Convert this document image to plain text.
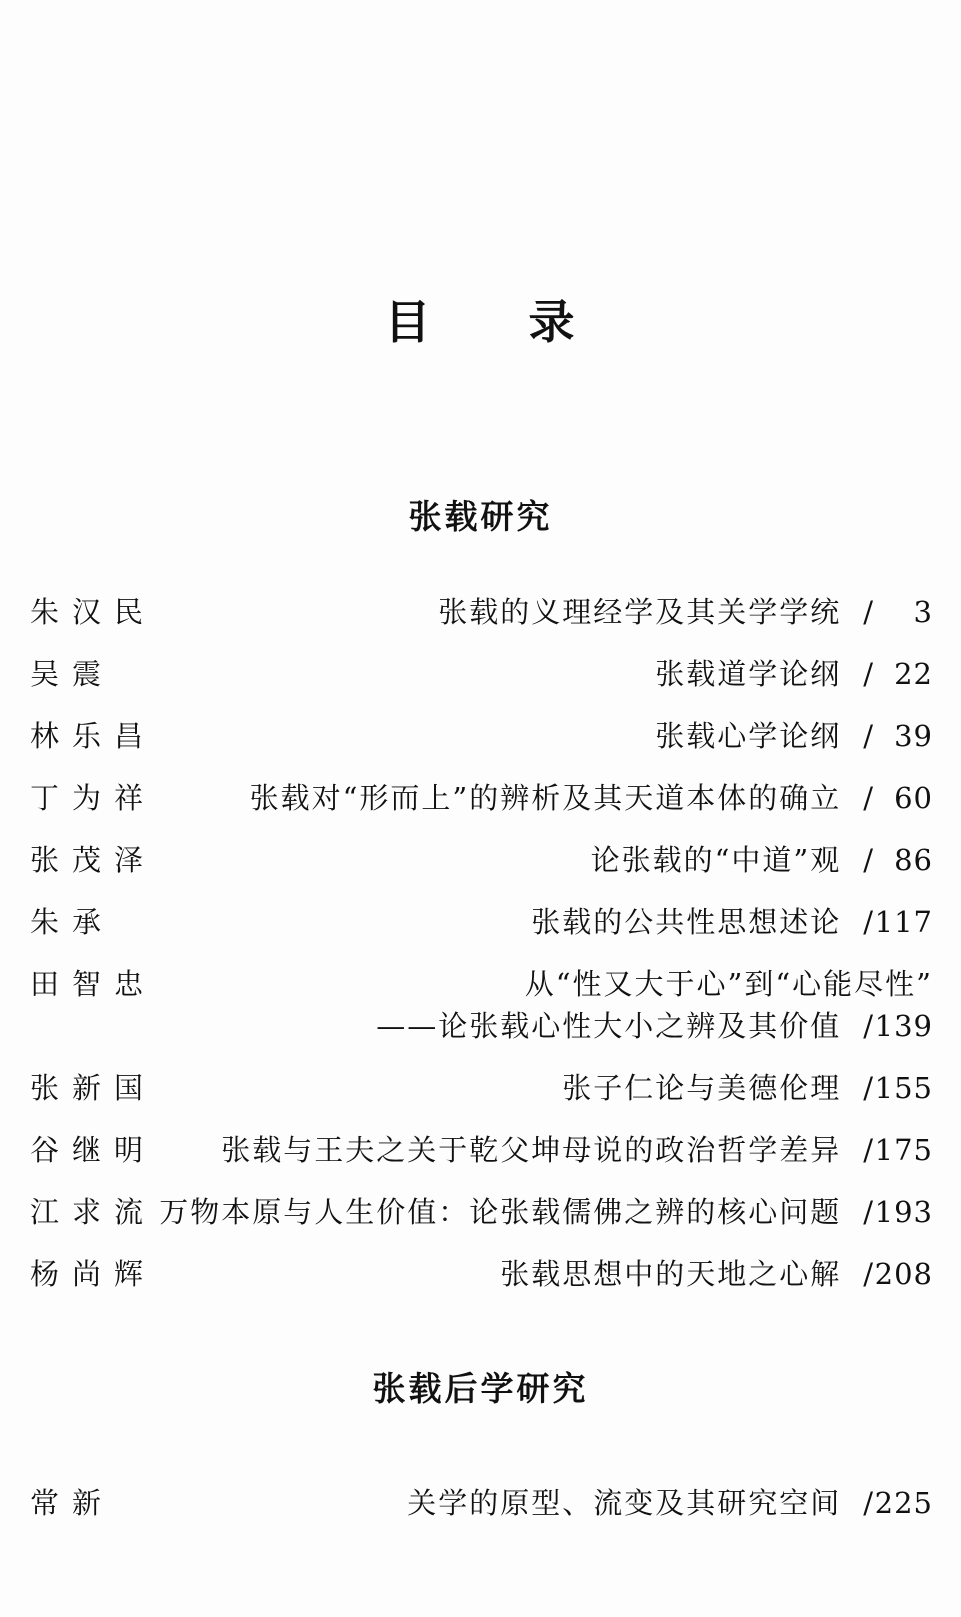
目　　录
张载研究
朱汉民	张载的义理经学及其关学学统 / 3
吴震	张载道学论纲 / 22
林乐昌	张载心学论纲 / 39
丁为祥	张载对“形而上”的辨析及其天道本体的确立 / 60
张茂泽	论张载的“中道”观 / 86
朱承	张载的公共性思想述论 /117
田智忠	从“性又大于心”到“心能尽性”
——论张载心性大小之辨及其价值 /139
张新国	张子仁论与美德伦理 /155
谷继明	张载与王夫之关于乾父坤母说的政治哲学差异 /175
江求流 万物本原与人生价值：论张载儒佛之辨的核心问题 /193
杨尚辉	张载思想中的天地之心解 /208
张载后学研究
常新	关学的原型、流变及其研究空间 /225
